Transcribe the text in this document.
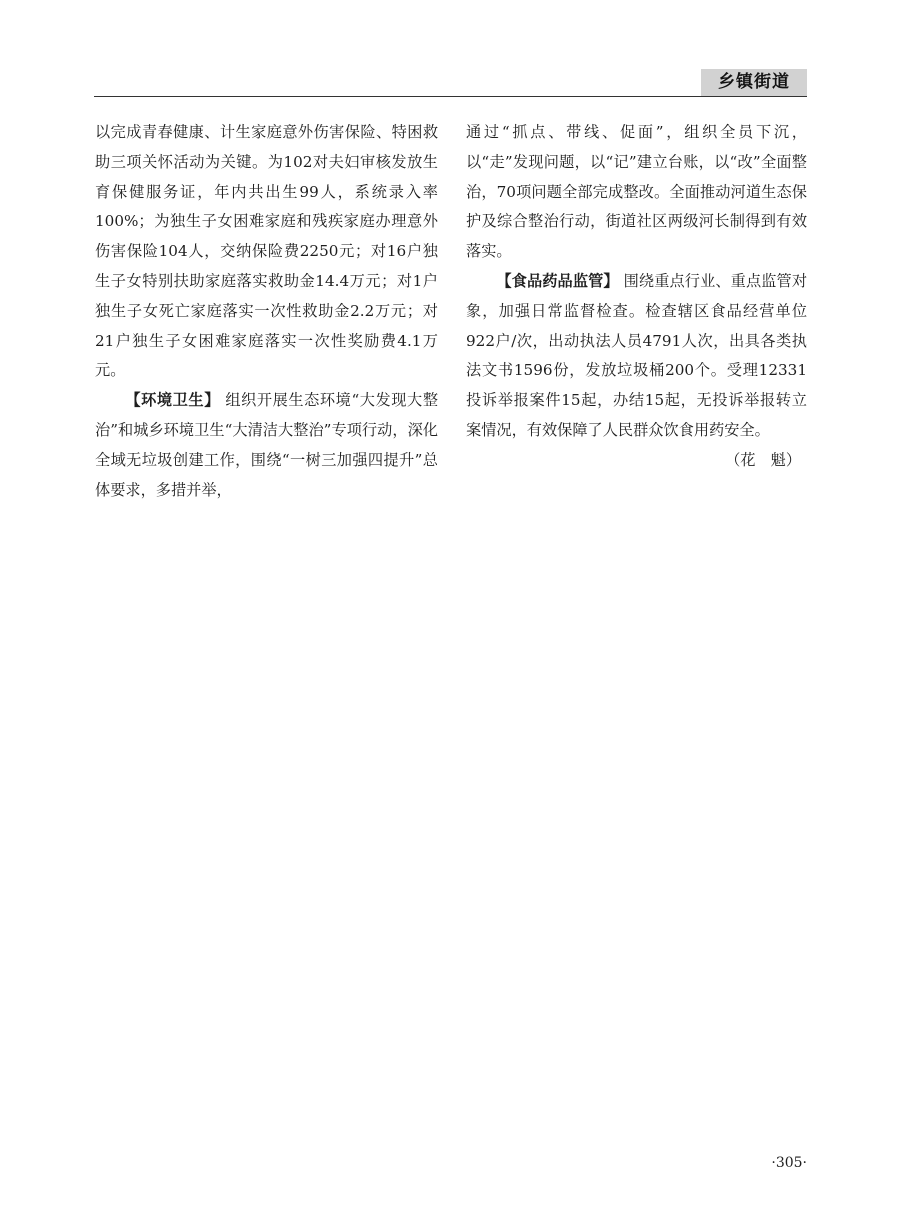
乡镇街道

以完成青春健康、计生家庭意外伤害保险、特困救助三项关怀活动为关键。为102对夫妇审核发放生育保健服务证，年内共出生99人，系统录入率100%；为独生子女困难家庭和残疾家庭办理意外伤害保险104人，交纳保险费2250元；对16户独生子女特别扶助家庭落实救助金14.4万元；对1户独生子女死亡家庭落实一次性救助金2.2万元；对21户独生子女困难家庭落实一次性奖励费4.1万元。

【环境卫生】 组织开展生态环境“大发现大整治”和城乡环境卫生“大清洁大整治”专项行动，深化全域无垃圾创建工作，围绕“一树三加强四提升”总体要求，多措并举，

通过“抓点、带线、促面”，组织全员下沉，以“走”发现问题，以“记”建立台账，以“改”全面整治，70项问题全部完成整改。全面推动河道生态保护及综合整治行动，街道社区两级河长制得到有效落实。

【食品药品监管】 围绕重点行业、重点监管对象，加强日常监督检查。检查辖区食品经营单位922户/次，出动执法人员4791人次，出具各类执法文书1596份，发放垃圾桶200个。受理12331投诉举报案件15起，办结15起，无投诉举报转立案情况，有效保障了人民群众饮食用药安全。

（花　魁）

·305·
